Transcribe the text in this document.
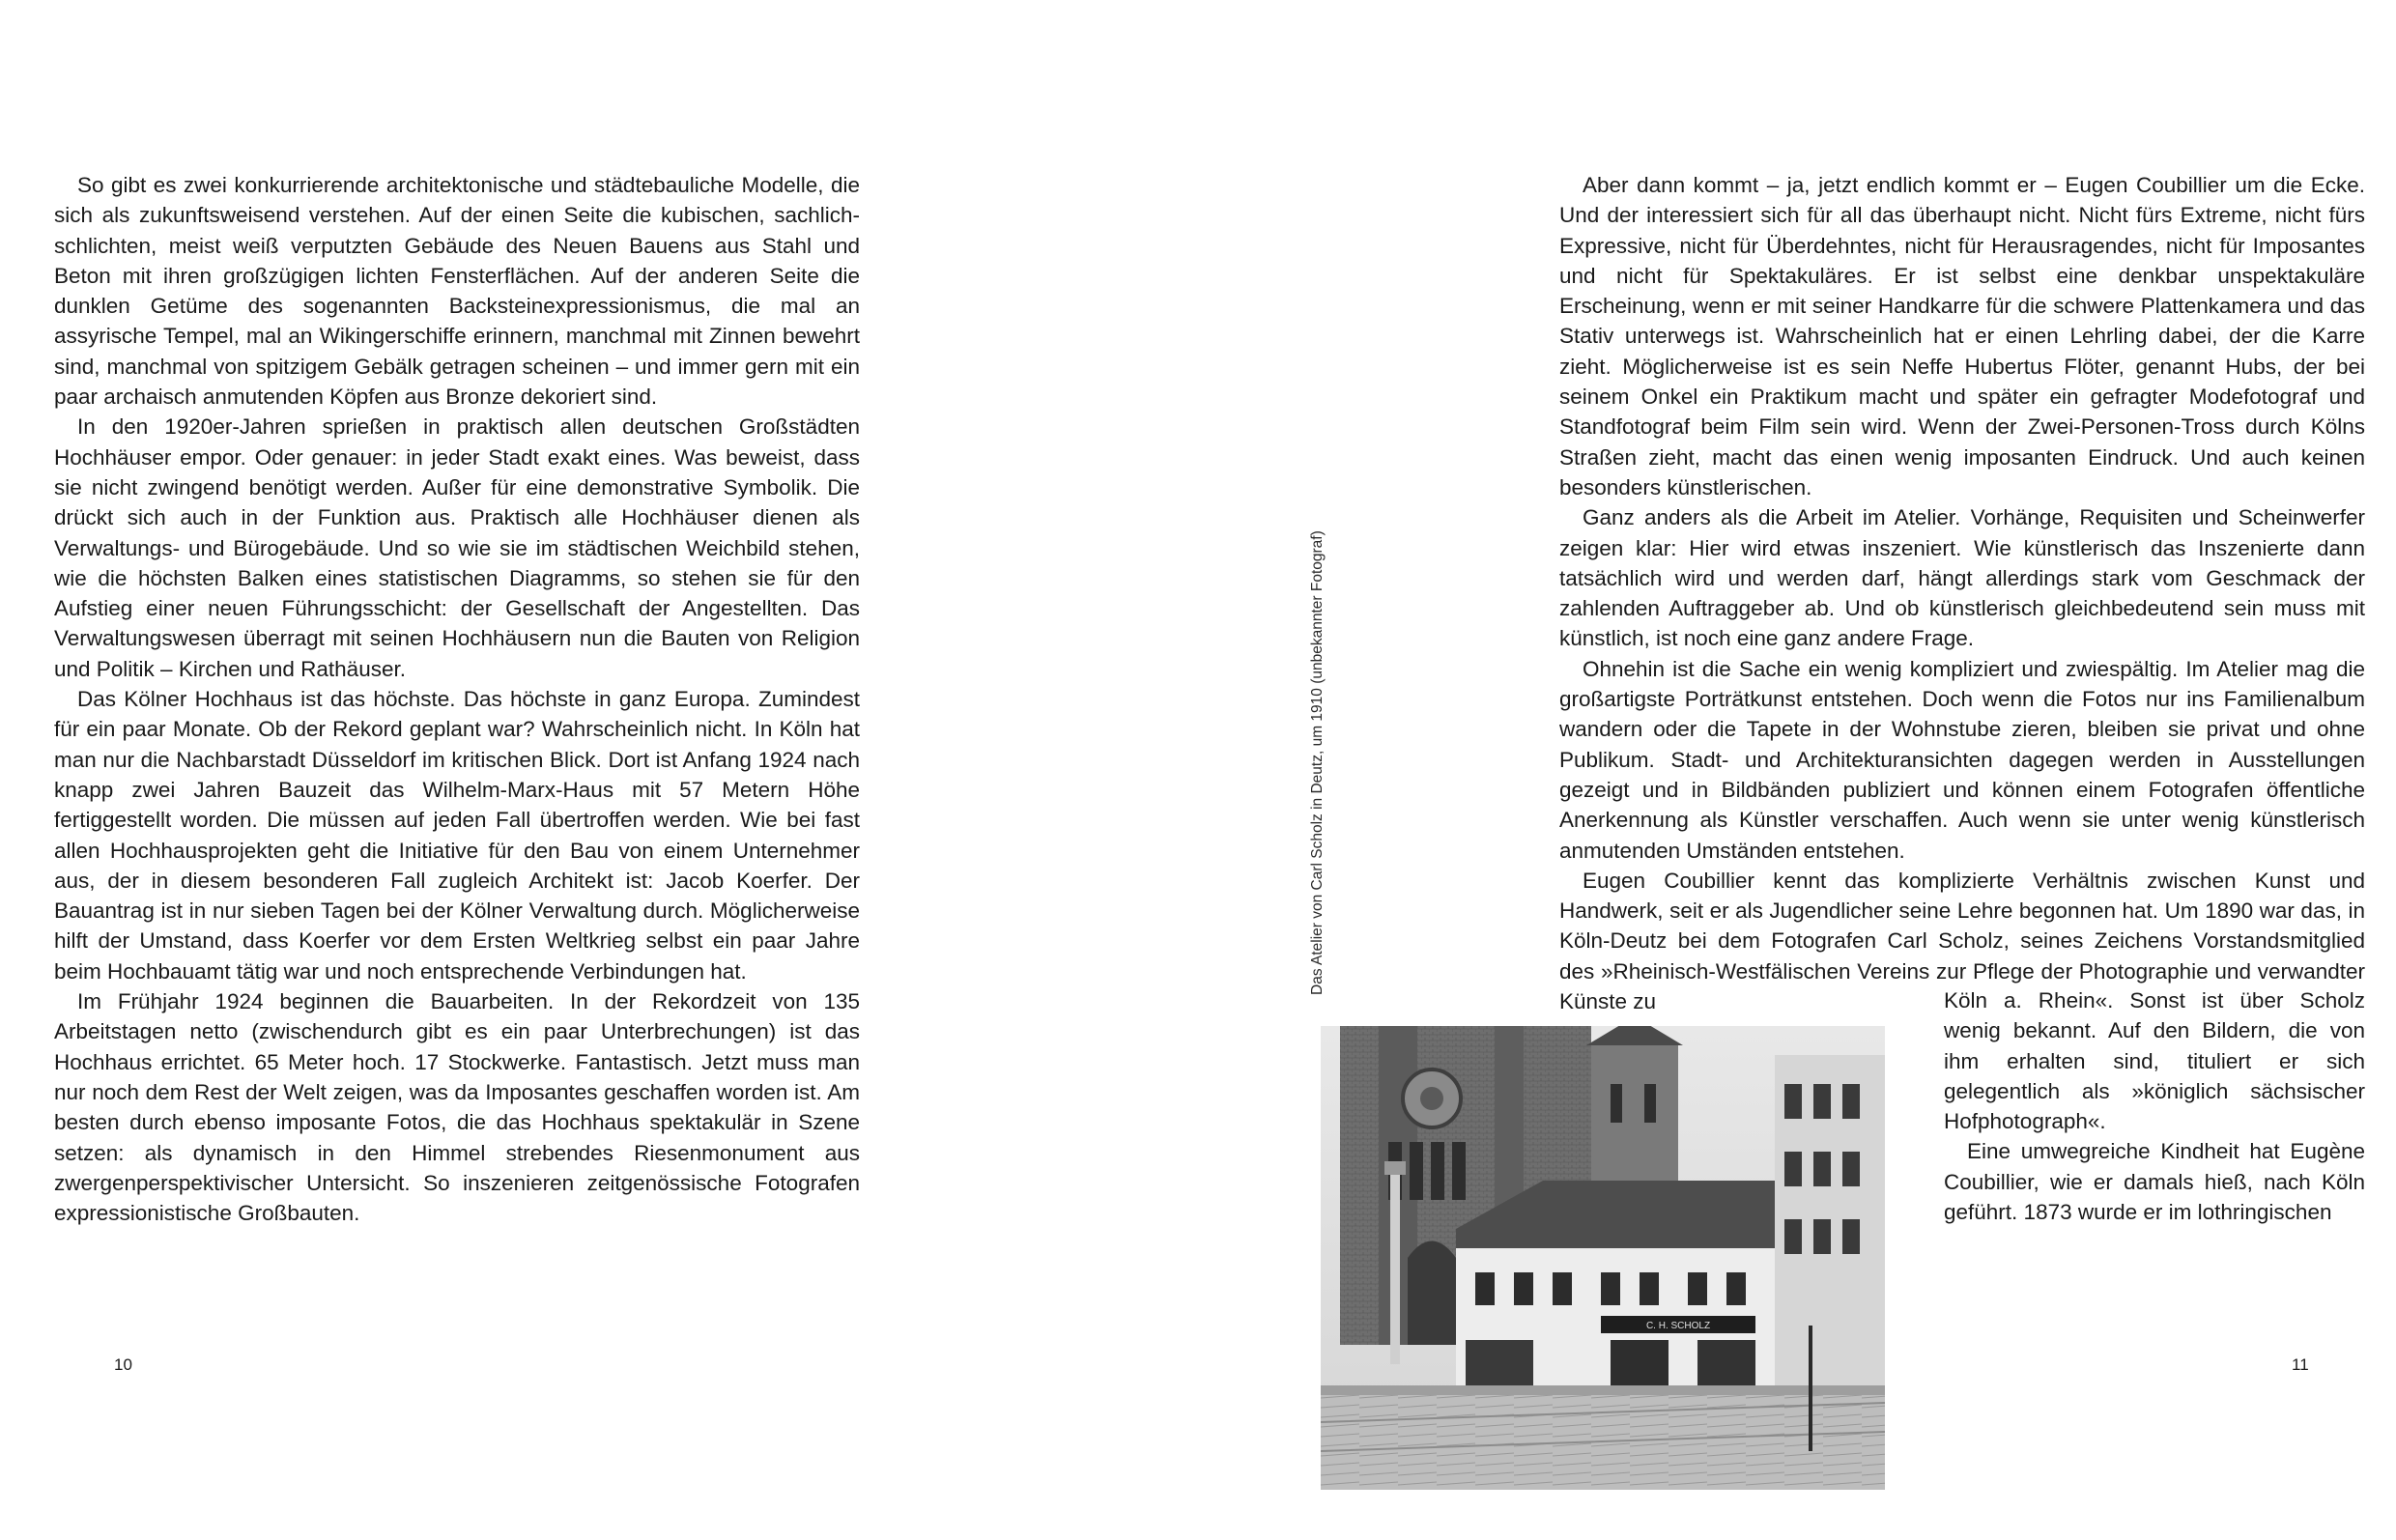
So gibt es zwei konkurrierende architektonische und städtebauliche Modelle, die sich als zukunftsweisend verstehen. Auf der einen Seite die kubischen, sachlich-schlichten, meist weiß verputzten Gebäude des Neuen Bauens aus Stahl und Beton mit ihren großzügigen lichten Fensterflächen. Auf der anderen Seite die dunklen Getüme des sogenannten Backsteinexpressionismus, die mal an assyrische Tempel, mal an Wikingerschiffe erinnern, manchmal mit Zinnen bewehrt sind, manchmal von spitzigem Gebälk getragen scheinen – und immer gern mit ein paar archaisch anmutenden Köpfen aus Bronze dekoriert sind.

In den 1920er-Jahren sprießen in praktisch allen deutschen Großstädten Hochhäuser empor. Oder genauer: in jeder Stadt exakt eines. Was beweist, dass sie nicht zwingend benötigt werden. Außer für eine demonstrative Symbolik. Die drückt sich auch in der Funktion aus. Praktisch alle Hochhäuser dienen als Verwaltungs- und Bürogebäude. Und so wie sie im städtischen Weichbild stehen, wie die höchsten Balken eines statistischen Diagramms, so stehen sie für den Aufstieg einer neuen Führungsschicht: der Gesellschaft der Angestellten. Das Verwaltungswesen überragt mit seinen Hochhäusern nun die Bauten von Religion und Politik – Kirchen und Rathäuser.

Das Kölner Hochhaus ist das höchste. Das höchste in ganz Europa. Zumindest für ein paar Monate. Ob der Rekord geplant war? Wahrscheinlich nicht. In Köln hat man nur die Nachbarstadt Düsseldorf im kritischen Blick. Dort ist Anfang 1924 nach knapp zwei Jahren Bauzeit das Wilhelm-Marx-Haus mit 57 Metern Höhe fertiggestellt worden. Die müssen auf jeden Fall übertroffen werden. Wie bei fast allen Hochhausprojekten geht die Initiative für den Bau von einem Unternehmer aus, der in diesem besonderen Fall zugleich Architekt ist: Jacob Koerfer. Der Bauantrag ist in nur sieben Tagen bei der Kölner Verwaltung durch. Möglicherweise hilft der Umstand, dass Koerfer vor dem Ersten Weltkrieg selbst ein paar Jahre beim Hochbauamt tätig war und noch entsprechende Verbindungen hat.

Im Frühjahr 1924 beginnen die Bauarbeiten. In der Rekordzeit von 135 Arbeitstagen netto (zwischendurch gibt es ein paar Unterbrechungen) ist das Hochhaus errichtet. 65 Meter hoch. 17 Stockwerke. Fantastisch. Jetzt muss man nur noch dem Rest der Welt zeigen, was da Imposantes geschaffen worden ist. Am besten durch ebenso imposante Fotos, die das Hochhaus spektakulär in Szene setzen: als dynamisch in den Himmel strebendes Riesenmonument aus zwergenperspektivischer Untersicht. So inszenieren zeitgenössische Fotografen expressionistische Großbauten.

10

Aber dann kommt – ja, jetzt endlich kommt er – Eugen Coubillier um die Ecke. Und der interessiert sich für all das überhaupt nicht. Nicht fürs Extreme, nicht fürs Expressive, nicht für Überdehntes, nicht für Herausragendes, nicht für Imposantes und nicht für Spektakuläres. Er ist selbst eine denkbar unspektakuläre Erscheinung, wenn er mit seiner Handkarre für die schwere Plattenkamera und das Stativ unterwegs ist. Wahrscheinlich hat er einen Lehrling dabei, der die Karre zieht. Möglicherweise ist es sein Neffe Hubertus Flöter, genannt Hubs, der bei seinem Onkel ein Praktikum macht und später ein gefragter Modefotograf und Standfotograf beim Film sein wird. Wenn der Zwei-Personen-Tross durch Kölns Straßen zieht, macht das einen wenig imposanten Eindruck. Und auch keinen besonders künstlerischen.

Ganz anders als die Arbeit im Atelier. Vorhänge, Requisiten und Scheinwerfer zeigen klar: Hier wird etwas inszeniert. Wie künstlerisch das Inszenierte dann tatsächlich wird und werden darf, hängt allerdings stark vom Geschmack der zahlenden Auftraggeber ab. Und ob künstlerisch gleichbedeutend sein muss mit künstlich, ist noch eine ganz andere Frage.

Ohnehin ist die Sache ein wenig kompliziert und zwiespältig. Im Atelier mag die großartigste Porträtkunst entstehen. Doch wenn die Fotos nur ins Familienalbum wandern oder die Tapete in der Wohnstube zieren, bleiben sie privat und ohne Publikum. Stadt- und Architekturansichten dagegen werden in Ausstellungen gezeigt und in Bildbänden publiziert und können einem Fotografen öffentliche Anerkennung als Künstler verschaffen. Auch wenn sie unter wenig künstlerisch anmutenden Umständen entstehen.

Eugen Coubillier kennt das komplizierte Verhältnis zwischen Kunst und Handwerk, seit er als Jugendlicher seine Lehre begonnen hat. Um 1890 war das, in Köln-Deutz bei dem Fotografen Carl Scholz, seines Zeichens Vorstandsmitglied des »Rheinisch-Westfälischen Vereins zur Pflege der Photographie und verwandter Künste zu	Köln a. Rhein«. Sonst ist über Scholz wenig bekannt. Auf den Bildern, die von ihm erhalten sind, tituliert er sich gelegentlich als »königlich sächsischer Hofphotograph«.

Eine umwegreiche Kindheit hat Eugène Coubillier, wie er damals hieß, nach Köln geführt. 1873 wurde er im lothringischen

Das Atelier von Carl Scholz in Deutz, um 1910 (unbekannter Fotograf)
C. H. SCHOLZ
11
